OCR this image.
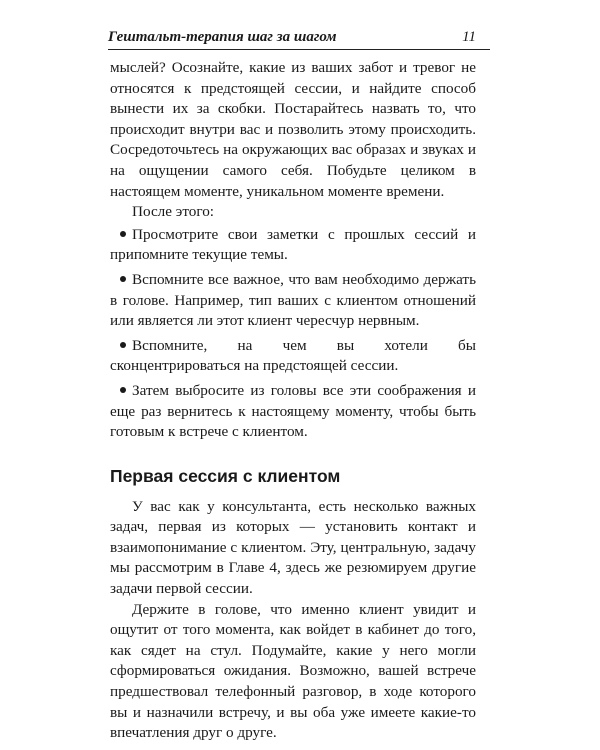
Гештальт-терапия шаг за шагом	11

мыслей? Осознайте, какие из ваших забот и тревог не относятся к предстоящей сессии, и найдите способ вынести их за скобки. Постарайтесь назвать то, что происходит внутри вас и позволить этому происходить. Сосредоточьтесь на окружающих вас образах и звуках и на ощущении самого себя. Побудьте целиком в настоящем моменте, уникальном моменте времени.

После этого:

Просмотрите свои заметки с прошлых сессий и припомните текущие темы.
Вспомните все важное, что вам необходимо держать в голове. Например, тип ваших с клиентом отношений или является ли этот клиент чересчур нервным.
Вспомните, на чем вы хотели бы сконцентрироваться на предстоящей сессии.
Затем выбросите из головы все эти соображения и еще раз вернитесь к настоящему моменту, чтобы быть готовым к встрече с клиентом.
Первая сессия с клиентом

У вас как у консультанта, есть несколько важных задач, первая из которых — установить контакт и взаимопонимание с клиентом. Эту, центральную, задачу мы рассмотрим в Главе 4, здесь же резюмируем другие задачи первой сессии.

Держите в голове, что именно клиент увидит и ощутит от того момента, как войдет в кабинет до того, как сядет на стул. Подумайте, какие у него могли сформироваться ожидания. Возможно, вашей встрече предшествовал телефонный разговор, в ходе которого вы и назначили встречу, и вы оба уже имеете какие-то впечатления друг о друге.
